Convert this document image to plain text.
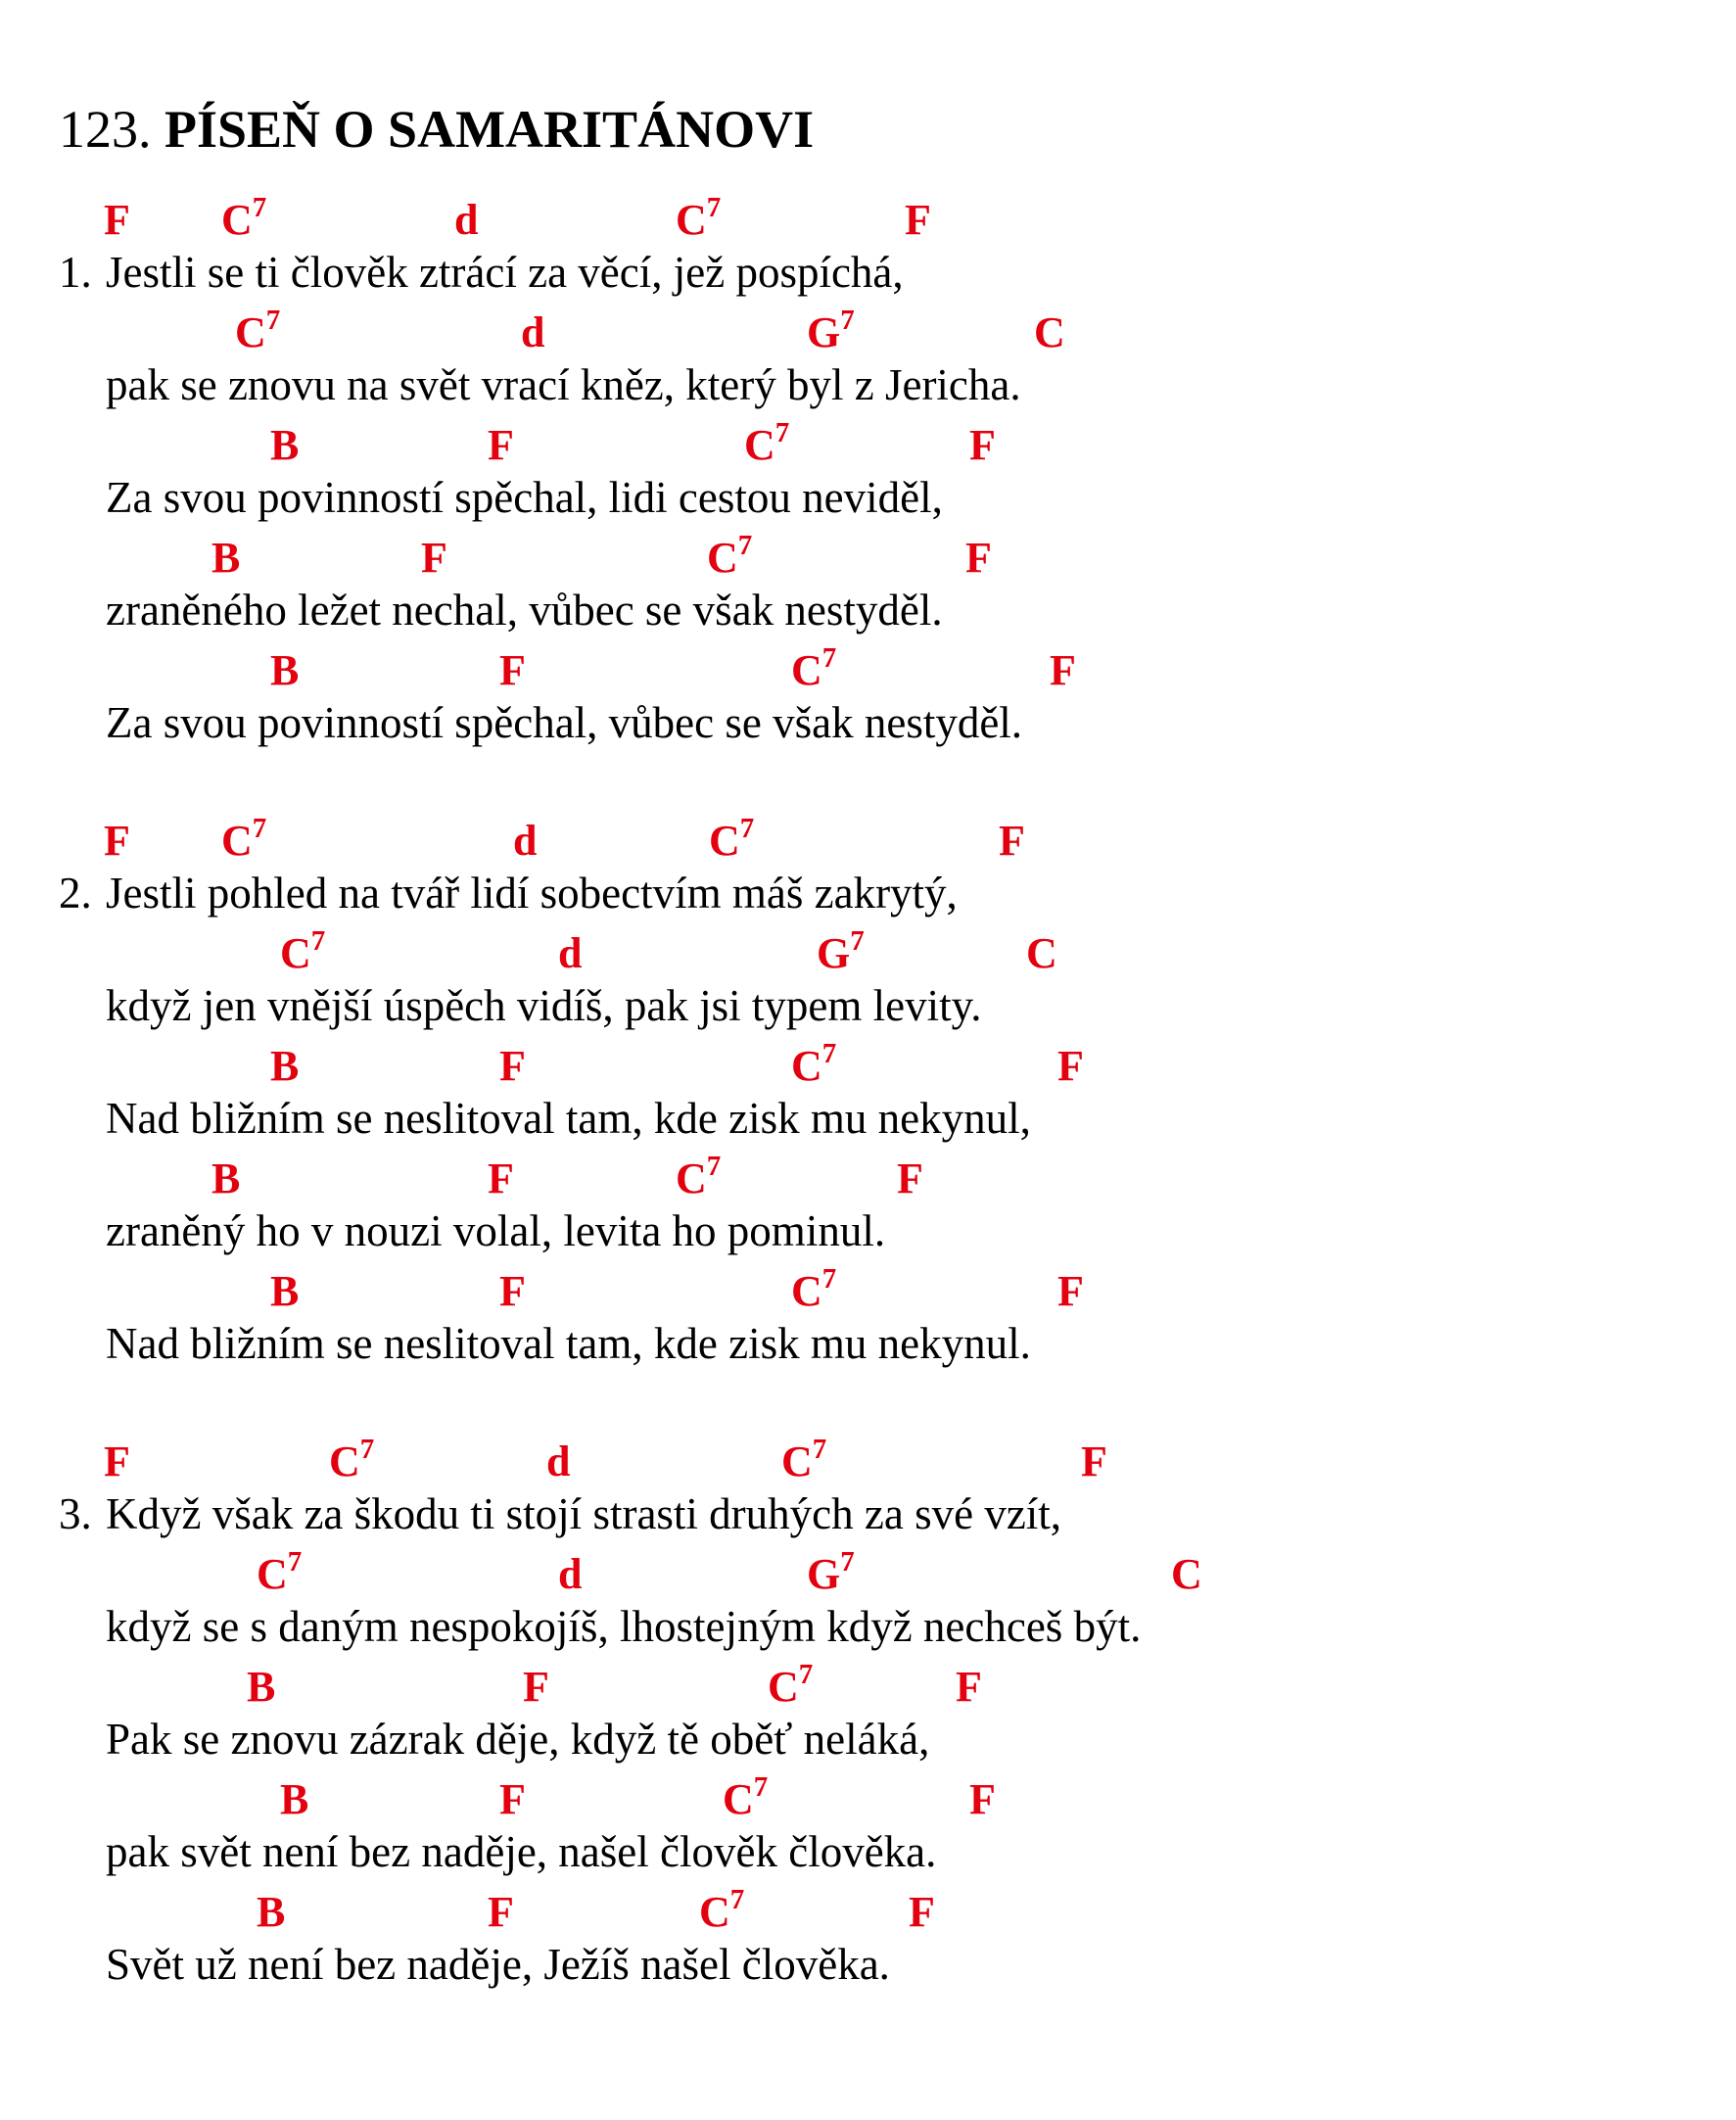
123. PÍSEŇ O SAMARITÁNOVI
F $C^7$	d	$C^7$	F
1. Jestli se ti člověk ztrácí za věcí, jež pospíchá,
$C^7$	d	$G^7$	C
pak se znovu na svět vrací kněz, který byl z Jericha.
B	F	$C^7$	F
Za svou povinností spěchal, lidi cestou neviděl,
B	F	$C^7$	F
zraněného ležet nechal, vůbec se však nestyděl.
B	F	$C^7$	F
Za svou povinností spěchal, vůbec se však nestyděl.
F $C^7$	d	$C^7$	F
2. Jestli pohled na tvář lidí sobectvím máš zakrytý,
$C^7$	d	$G^7$	C
když jen vnější úspěch vidíš, pak jsi typem levity.
B	F	$C^7$	F
Nad bližním se neslitoval tam, kde zisk mu nekynul,
B	F	$C^7$	F
zraněný ho v nouzi volal, levita ho pominul.
B	F	$C^7$	F
Nad bližním se neslitoval tam, kde zisk mu nekynul.
F	$C^7$	d	$C^7$	F
3. Když však za škodu ti stojí strasti druhých za své vzít,
$C^7$	d	$G^7$	C
když se s daným nespokojíš, lhostejným když nechceš být.
B	F	$C^7$	F
Pak se znovu zázrak děje, když tě oběť neláká,
B	F	$C^7$	F
pak svět není bez naděje, našel člověk člověka.
B	F	$C^7$	F
Svět už není bez naděje, Ježíš našel člověka.
